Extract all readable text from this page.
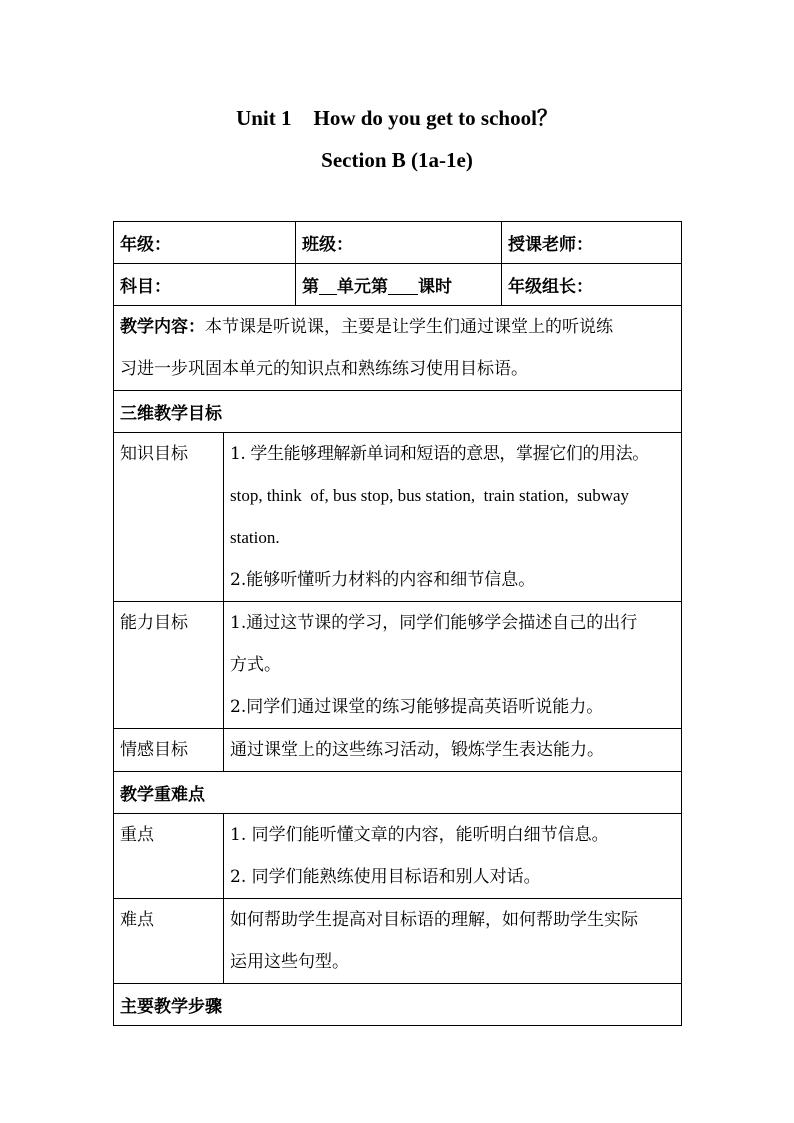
Unit 1 How do you get to school？
Section B (1a-1e)
年级：		班级：	授课老师：
科目：		第 单元第 课时	年级组长：

教学内容：本节课是听说课，主要是让学生们通过课堂上的听说练
习进一步巩固本单元的知识点和熟练练习使用目标语。			

三维教学目标			
知识目标	1. 学生能够理解新单词和短语的意思，掌握它们的用法。
stop, think  of, bus stop, bus station,  train station,  subway
station.
2.能够听懂听力材料的内容和细节信息。		

能力目标	1.通过这节课的学习，同学们能够学会描述自己的出行
方式。
2.同学们通过课堂的练习能够提高英语听说能力。		

情感目标	通过课堂上的这些练习活动，锻炼学生表达能力。		

教学重难点			
重点	1. 同学们能听懂文章的内容，能听明白细节信息。
2. 同学们能熟练使用目标语和别人对话。		

难点	如何帮助学生提高对目标语的理解，如何帮助学生实际
运用这些句型。		

主要教学步骤			
